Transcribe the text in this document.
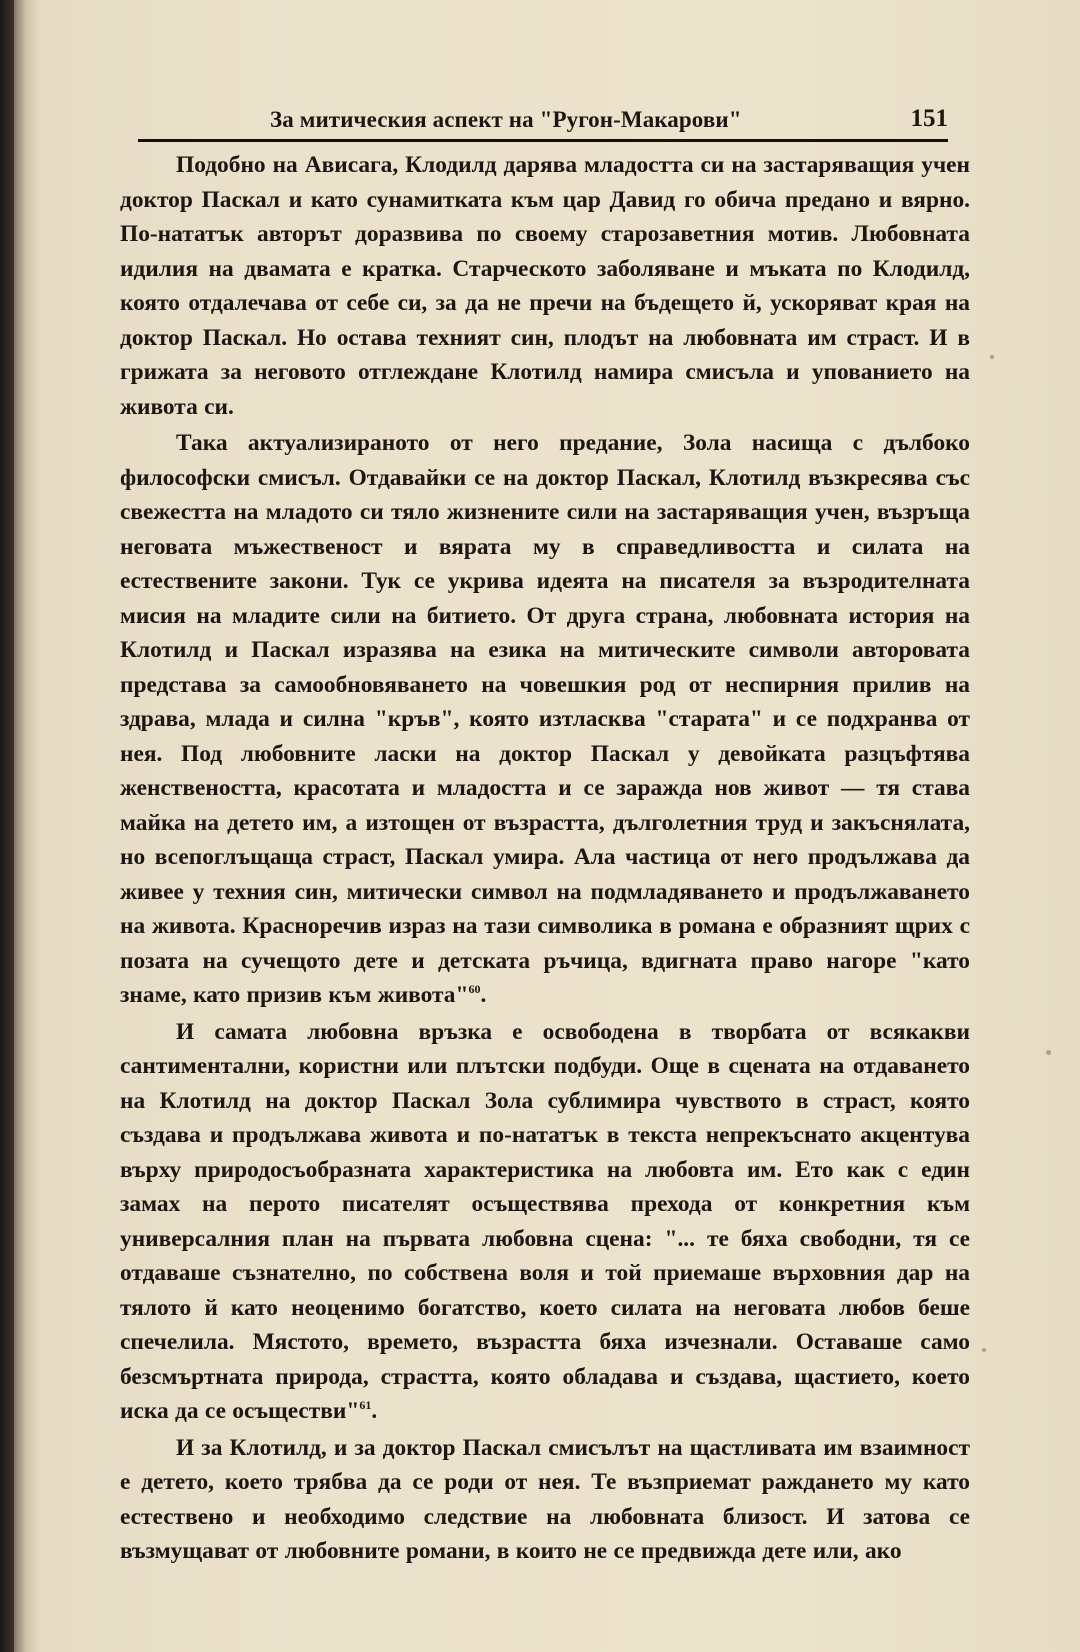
За митическия аспект на "Ругон-Макарови"	151

Подобно на Ависага, Клодилд дарява младостта си на застаряващия учен доктор Паскал и като сунамитката към цар Давид го обича предано и вярно. По-нататък авторът доразвива по своему старозаветния мотив. Любовната идилия на двамата е кратка. Старческото заболяване и мъката по Клодилд, която отдалечава от себе си, за да не пречи на бъдещето й, ускоряват края на доктор Паскал. Но остава техният син, плодът на любовната им страст. И в грижата за неговото отглеждане Клотилд намира смисъла и упованието на живота си.

Така актуализираното от него предание, Зола насища с дълбоко философски смисъл. Отдавайки се на доктор Паскал, Клотилд възкресява със свежестта на младото си тяло жизнените сили на застаряващия учен, възръща неговата мъжественост и вярата му в справедливостта и силата на естествените закони. Тук се укрива идеята на писателя за възродителната мисия на младите сили на битието. От друга страна, любовната история на Клотилд и Паскал изразява на езика на митическите символи авторовата представа за самообновяването на човешкия род от неспирния прилив на здрава, млада и силна "кръв", която изтласква "старата" и се подхранва от нея. Под любовните ласки на доктор Паскал у девойката разцъфтява женствеността, красотата и младостта и се заражда нов живот — тя става майка на детето им, а изтощен от възрастта, дълголетния труд и закъснялата, но всепоглъщаща страст, Паскал умира. Ала частица от него продължава да живее у техния син, митически символ на подмладяването и продължаването на живота. Красноречив израз на тази символика в романа е образният щрих с позата на сучещото дете и детската ръчица, вдигната право нагоре "като знаме, като призив към живота"$^{60}$.

И самата любовна връзка е освободена в творбата от всякакви сантиментални, користни или плътски подбуди. Още в сцената на отдаването на Клотилд на доктор Паскал Зола сублимира чувството в страст, която създава и продължава живота и по-нататък в текста непрекъснато акцентува върху природосъобразната характеристика на любовта им. Ето как с един замах на перото писателят осъществява прехода от конкретния към универсалния план на първата любовна сцена: "... те бяха свободни, тя се отдаваше съзнателно, по собствена воля и той приемаше върховния дар на тялото й като неоценимо богатство, което силата на неговата любов беше спечелила. Мястото, времето, възрастта бяха изчезнали. Оставаше само безсмъртната природа, страстта, която обладава и създава, щастието, което иска да се осъществи"$^{61}$.

И за Клотилд, и за доктор Паскал смисълът на щастливата им взаимност е детето, което трябва да се роди от нея. Те възприемат раждането му като естествено и необходимо следствие на любовната близост. И затова се възмущават от любовните романи, в които не се предвижда дете или, ако
